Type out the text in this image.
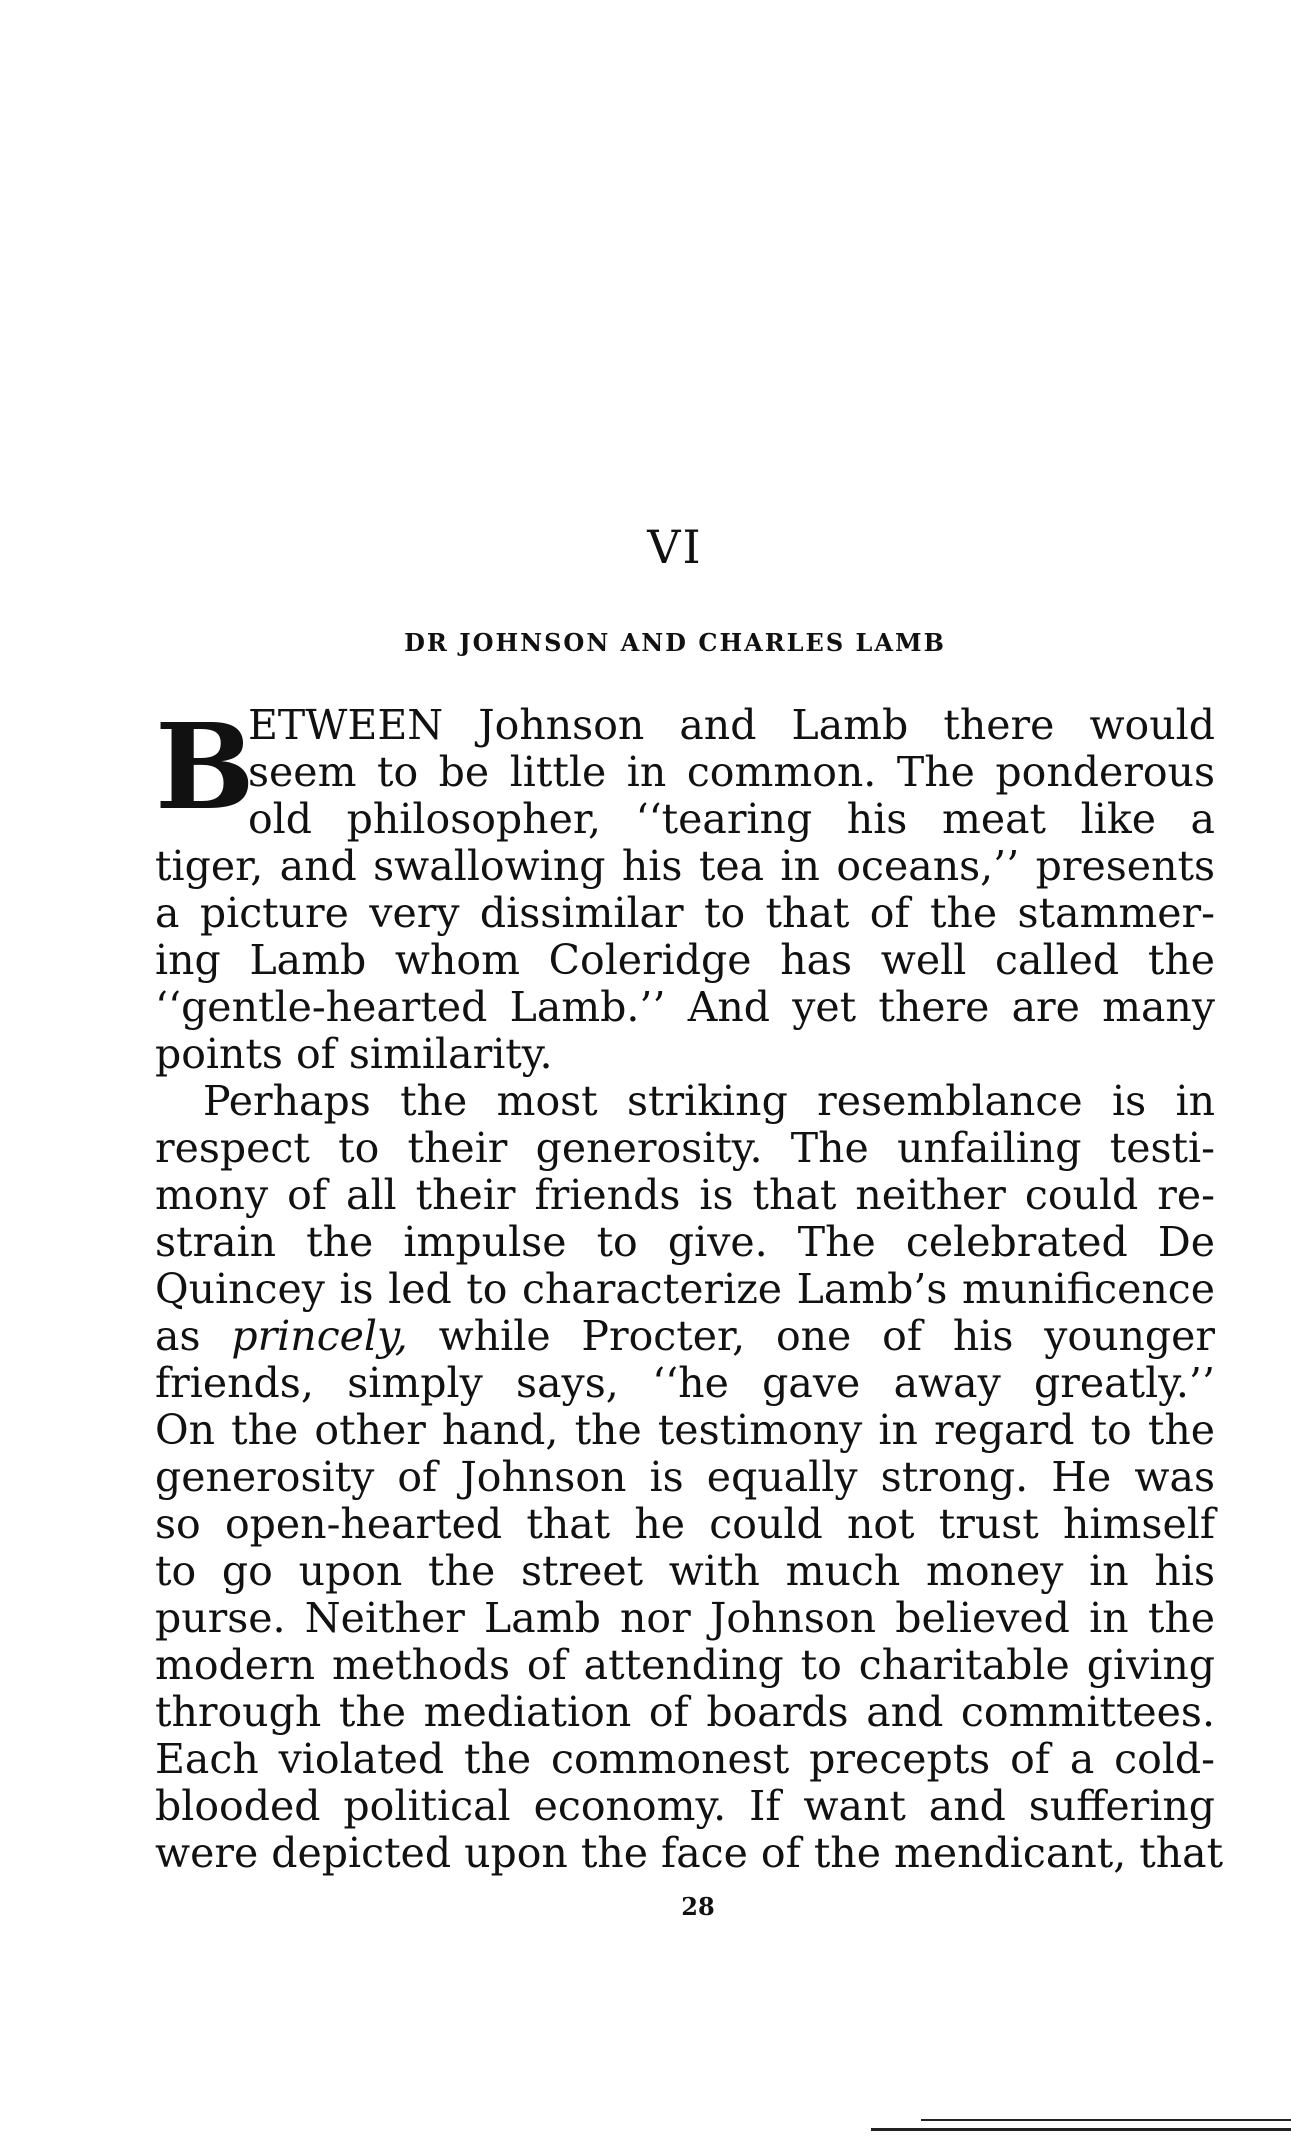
VI
DR JOHNSON AND CHARLES LAMB
B
ETWEEN Johnson and Lamb there would
seem to be little in common. The ponderous
old philosopher, ‘‘tearing his meat like a
tiger, and swallowing his tea in oceans,’’ presents
a picture very dissimilar to that of the stammer-
ing Lamb whom Coleridge has well called the
‘‘gentle-hearted Lamb.’’ And yet there are many
points of similarity.
Perhaps the most striking resemblance is in
respect to their generosity. The unfailing testi-
mony of all their friends is that neither could re-
strain the impulse to give. The celebrated De
Quincey is led to characterize Lamb’s munificence
as princely, while Procter, one of his younger
friends, simply says, ‘‘he gave away greatly.’’
On the other hand, the testimony in regard to the
generosity of Johnson is equally strong. He was
so open-hearted that he could not trust himself
to go upon the street with much money in his
purse. Neither Lamb nor Johnson believed in the
modern methods of attending to charitable giving
through the mediation of boards and committees.
Each violated the commonest precepts of a cold-
blooded political economy. If want and suffering
were depicted upon the face of the mendicant, that
28
